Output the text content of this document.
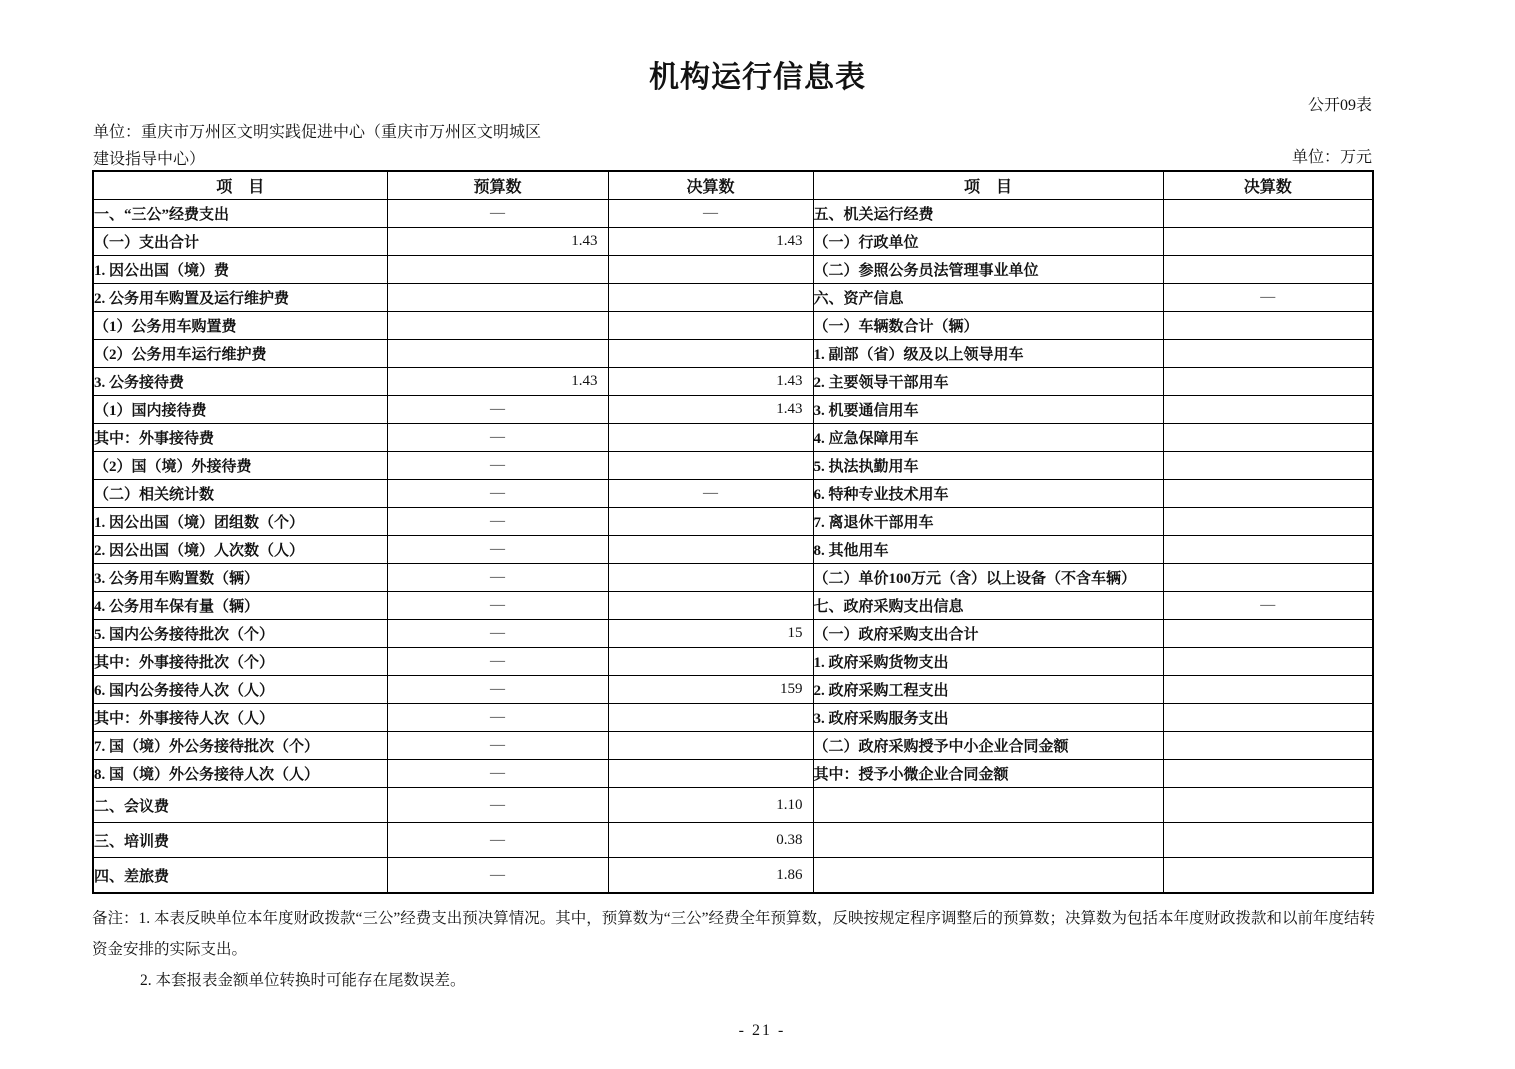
机构运行信息表
公开09表
单位：重庆市万州区文明实践促进中心（重庆市万州区文明城区
建设指导中心）	单位：万元
项　目	预算数	决算数	项　目	决算数
一、“三公”经费支出	—	—	五、机关运行经费	
（一）支出合计	1.43	1.43	（一）行政单位	
1. 因公出国（境）费			（二）参照公务员法管理事业单位	
2. 公务用车购置及运行维护费			六、资产信息	—
（1）公务用车购置费			（一）车辆数合计（辆）	
（2）公务用车运行维护费			1. 副部（省）级及以上领导用车	
3. 公务接待费	1.43	1.43	2. 主要领导干部用车	
（1）国内接待费	—	1.43	3. 机要通信用车	
其中：外事接待费	—		4. 应急保障用车	
（2）国（境）外接待费	—		5. 执法执勤用车	
（二）相关统计数	—	—	6. 特种专业技术用车	
1. 因公出国（境）团组数（个）	—		7. 离退休干部用车	
2. 因公出国（境）人次数（人）	—		8. 其他用车	
3. 公务用车购置数（辆）	—		（二）单价100万元（含）以上设备（不含车辆）	
4. 公务用车保有量（辆）	—		七、政府采购支出信息	—
5. 国内公务接待批次（个）	—	15	（一）政府采购支出合计	
其中：外事接待批次（个）	—		1. 政府采购货物支出	
6. 国内公务接待人次（人）	—	159	2. 政府采购工程支出	
其中：外事接待人次（人）	—		3. 政府采购服务支出	
7. 国（境）外公务接待批次（个）	—		（二）政府采购授予中小企业合同金额	
8. 国（境）外公务接待人次（人）	—		其中：授予小微企业合同金额	
二、会议费	—	1.10		
三、培训费	—	0.38		
四、差旅费	—	1.86		
备注：1. 本表反映单位本年度财政拨款“三公”经费支出预决算情况。其中，预算数为“三公”经费全年预算数，反映按规定程序调整后的预算数；决算数为包括本年度财政拨款和以前年度结转
资金安排的实际支出。
2. 本套报表金额单位转换时可能存在尾数误差。
- 21 -
